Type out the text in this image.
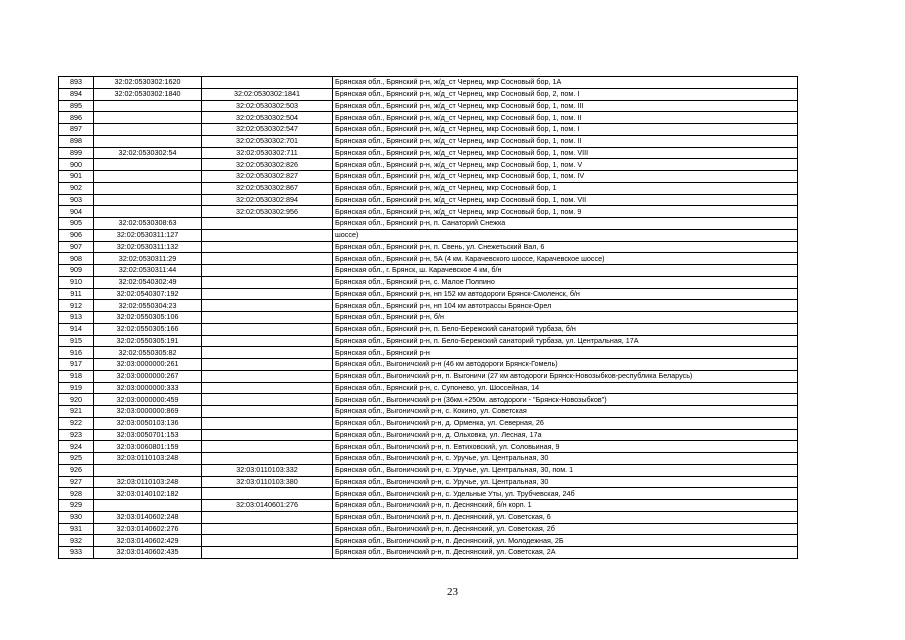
893	32:02:0530302:1620		Брянская обл., Брянский р-н, ж/д_ст Чернец, мкр Сосновый бор, 1А
894	32:02:0530302:1840	32:02:0530302:1841	Брянская обл., Брянский р-н, ж/д_ст Чернец, мкр Сосновый бор, 2, пом. I
895		32:02:0530302:503	Брянская обл., Брянский р-н, ж/д_ст Чернец, мкр Сосновый бор, 1, пом. III
896		32:02:0530302:504	Брянская обл., Брянский р-н, ж/д_ст Чернец, мкр Сосновый бор, 1, пом. II
897		32:02:0530302:547	Брянская обл., Брянский р-н, ж/д_ст Чернец, мкр Сосновый бор, 1, пом. I
898		32:02:0530302:701	Брянская обл., Брянский р-н, ж/д_ст Чернец, мкр Сосновый бор, 1, пом. II
899	32:02:0530302:54	32:02:0530302:711	Брянская обл., Брянский р-н, ж/д_ст Чернец, мкр Сосновый бор, 1, пом. VIII
900		32:02:0530302:826	Брянская обл., Брянский р-н, ж/д_ст Чернец, мкр Сосновый бор, 1, пом. V
901		32:02:0530302:827	Брянская обл., Брянский р-н, ж/д_ст Чернец, мкр Сосновый бор, 1, пом. IV
902		32:02:0530302:867	Брянская обл., Брянский р-н, ж/д_ст Чернец, мкр Сосновый бор, 1
903		32:02:0530302:894	Брянская обл., Брянский р-н, ж/д_ст Чернец, мкр Сосновый бор, 1, пом. VII
904		32:02:0530302:956	Брянская обл., Брянский р-н, ж/д_ст Чернец, мкр Сосновый бор, 1, пом. 9
905	32:02:0530308:63		Брянская обл., Брянский р-н, п. Санаторий Снежка
906	32:02:0530311:127		шоссе)
907	32:02:0530311:132		Брянская обл., Брянский р-н, п. Свень, ул. Снежетьский Вал, 6
908	32:02:0530311:29		Брянская обл., Брянский р-н, 5А (4 км. Карачевского шоссе, Карачевское шоссе)
909	32:02:0530311:44		Брянская обл., г. Брянск, ш. Карачевское 4 км, б/н
910	32:02:0540302:49		Брянская обл., Брянский р-н, с. Малое Полпино
911	32:02:0540307:192		Брянская обл., Брянский р-н, нп 152 км автодороги Брянск-Смоленск, б/н
912	32:02:0550304:23		Брянская обл., Брянский р-н, нп 104 км автотрассы Брянск-Орел
913	32:02:0550305:106		Брянская обл., Брянский р-н, б/н
914	32:02:0550305:166		Брянская обл., Брянский р-н, п. Бело-Бережский санаторий турбаза, б/н
915	32:02:0550305:191		Брянская обл., Брянский р-н, п. Бело-Бережский санаторий турбаза, ул. Центральная, 17А
916	32:02:0550305:82		Брянская обл., Брянский р-н
917	32:03:0000000:261		Брянская обл., Выгоничский р-н (46 км автодороги Брянск-Гомель)
918	32:03:0000000:267		Брянская обл., Выгоничский р-н, п. Выгоничи (27 км автодороги Брянск-Новозыбков-республика Беларусь)
919	32:03:0000000:333		Брянская обл., Брянский р-н, с. Супонево, ул. Шоссейная, 14
920	32:03:0000000:459		Брянская обл., Выгоничский р-н (36км.+250м. автодороги - "Брянск-Новозыбков")
921	32:03:0000000:869		Брянская обл., Выгоничский р-н, с. Кокино, ул. Советская
922	32:03:0050103:136		Брянская обл., Выгоничский р-н, д. Орменка, ул. Северная, 26
923	32:03:0050701:153		Брянская обл., Выгоничский р-н, д. Ольховка, ул. Лесная, 17а
924	32:03:0060801:159		Брянская обл., Выгоничский р-н, п. Евтиховский, ул. Соловьиная, 9
925	32:03:0110103:248		Брянская обл., Выгоничский р-н, с. Уручье, ул. Центральная, 30
926		32:03:0110103:332	Брянская обл., Выгоничский р-н, с. Уручье, ул. Центральная, 30, пом. 1
927	32:03:0110103:248	32:03:0110103:380	Брянская обл., Выгоничский р-н, с. Уручье, ул. Центральная, 30
928	32:03:0140102:182		Брянская обл., Выгоничский р-н, с. Удельные Уты, ул. Трубчевская, 24б
929		32:03:0140601:276	Брянская обл., Выгоничский р-н, п. Деснянский, б/н корп. 1
930	32:03:0140602:248		Брянская обл., Выгоничский р-н, п. Деснянский, ул. Советская, 6
931	32:03:0140602:276		Брянская обл., Выгоничский р-н, п. Деснянский, ул. Советская, 2б
932	32:03:0140602:429		Брянская обл., Выгоничский р-н, п. Деснянский, ул. Молодежная, 2Б
933	32:03:0140602:435		Брянская обл., Выгоничский р-н, п. Деснянский, ул. Советская, 2А
23
